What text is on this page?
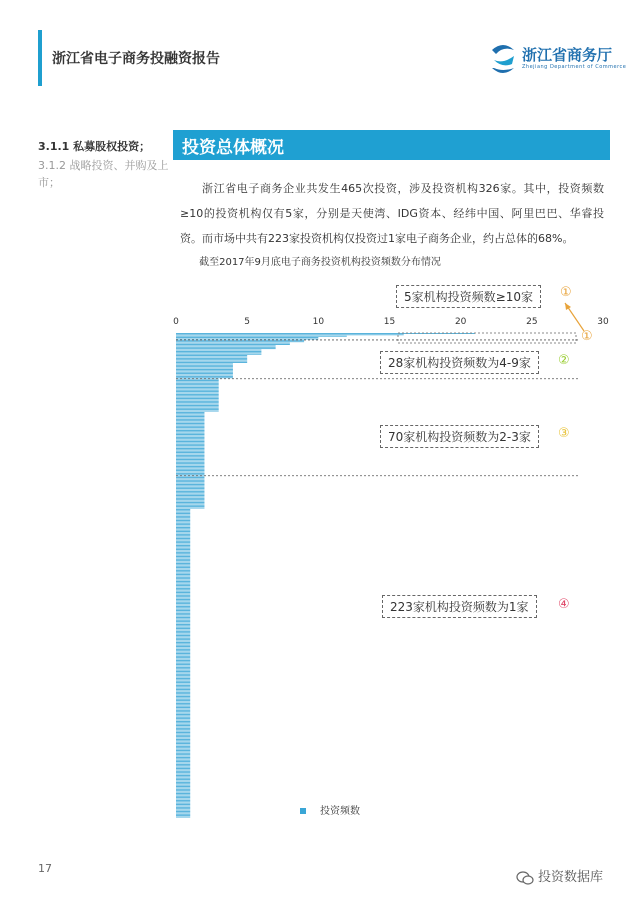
浙江省电子商务投融资报告	浙江省商务厅
Zhejiang Department of Commerce
3.1.1 私募股权投资；
3.1.2 战略投资、并购及上市；
投资总体概况
浙江省电子商务企业共发生465次投资，涉及投资机构326家。其中，投资频数≥10的投资机构仅有5家，分别是天使湾、IDG资本、经纬中国、阿里巴巴、华睿投资。而市场中共有223家投资机构仅投资过1家电子商务企业，约占总体的68%。
截至2017年9月底电子商务投资机构投资频数分布情况
0	5	10	15	20	25	30
5家机构投资频数≥10家	①
①
28家机构投资频数为4-9家	②
70家机构投资频数为2-3家	③
223家机构投资频数为1家	④
投资频数
17
投资数据库
